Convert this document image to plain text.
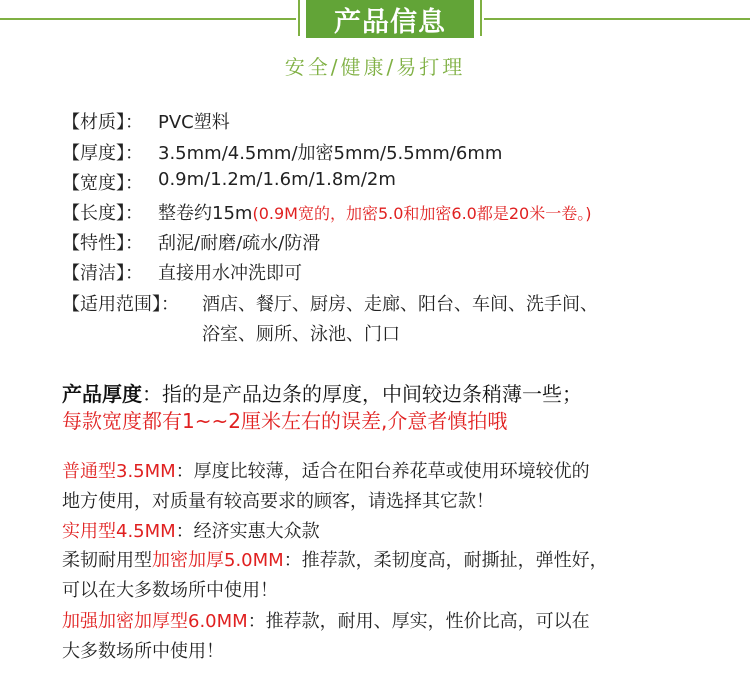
产品信息
安全/健康/易打理
【材质】： PVC塑料
【厚度】： 3.5mm/4.5mm/加密5mm/5.5mm/6mm
【宽度】： 0.9m/1.2m/1.6m/1.8m/2m
【长度】： 整卷约15m(0.9M宽的，加密5.0和加密6.0都是20米一卷。)
【特性】： 刮泥/耐磨/疏水/防滑
【清洁】： 直接用水冲洗即可
【适用范围】： 酒店、餐厅、厨房、走廊、阳台、车间、洗手间、
浴室、厕所、泳池、门口
产品厚度：指的是产品边条的厚度，中间较边条稍薄一些；
每款宽度都有1~~2厘米左右的误差,介意者慎拍哦
普通型3.5MM：厚度比较薄，适合在阳台养花草或使用环境较优的
地方使用，对质量有较高要求的顾客，请选择其它款！
实用型4.5MM：经济实惠大众款
柔韧耐用型加密加厚5.0MM：推荐款，柔韧度高，耐撕扯，弹性好，
可以在大多数场所中使用！
加强加密加厚型6.0MM：推荐款，耐用、厚实，性价比高，可以在
大多数场所中使用！
